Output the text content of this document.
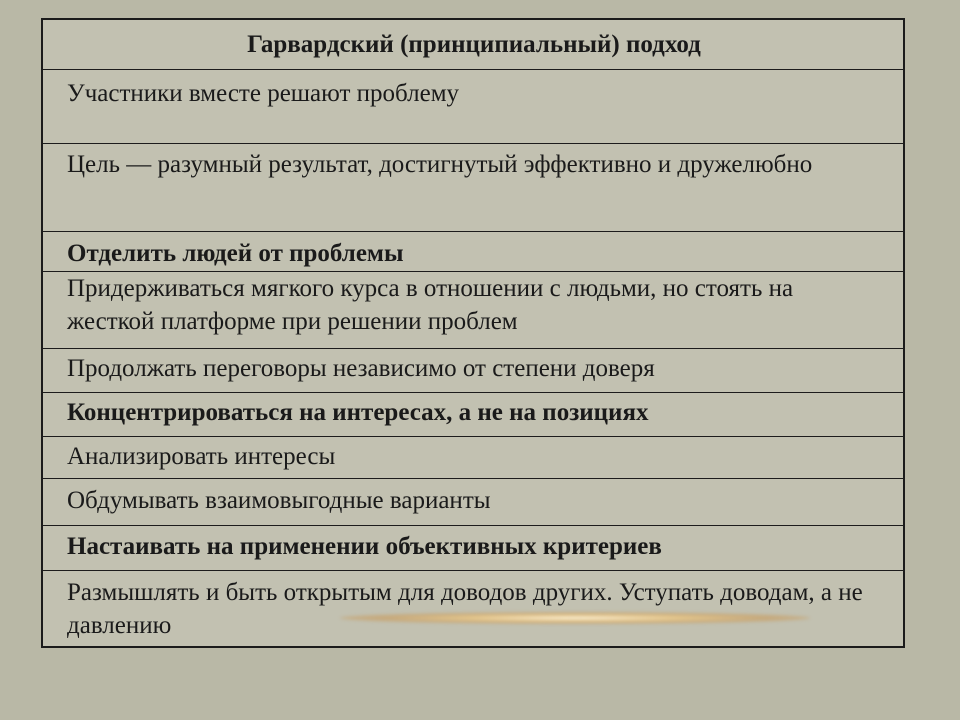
Гарвардский (принципиальный) подход
Участники вместе решают проблему
Цель — разумный результат, достигнутый эффективно и дружелюбно
Отделить людей от проблемы
Придерживаться мягкого курса в отношении с людьми, но стоять на жесткой платформе при решении проблем
Продолжать переговоры независимо от степени доверя
Концентрироваться на интересах, а не на позициях
Анализировать интересы
Обдумывать взаимовыгодные варианты
Настаивать на применении объективных критериев
Размышлять и быть открытым для доводов других. Уступать доводам, а не давлению
